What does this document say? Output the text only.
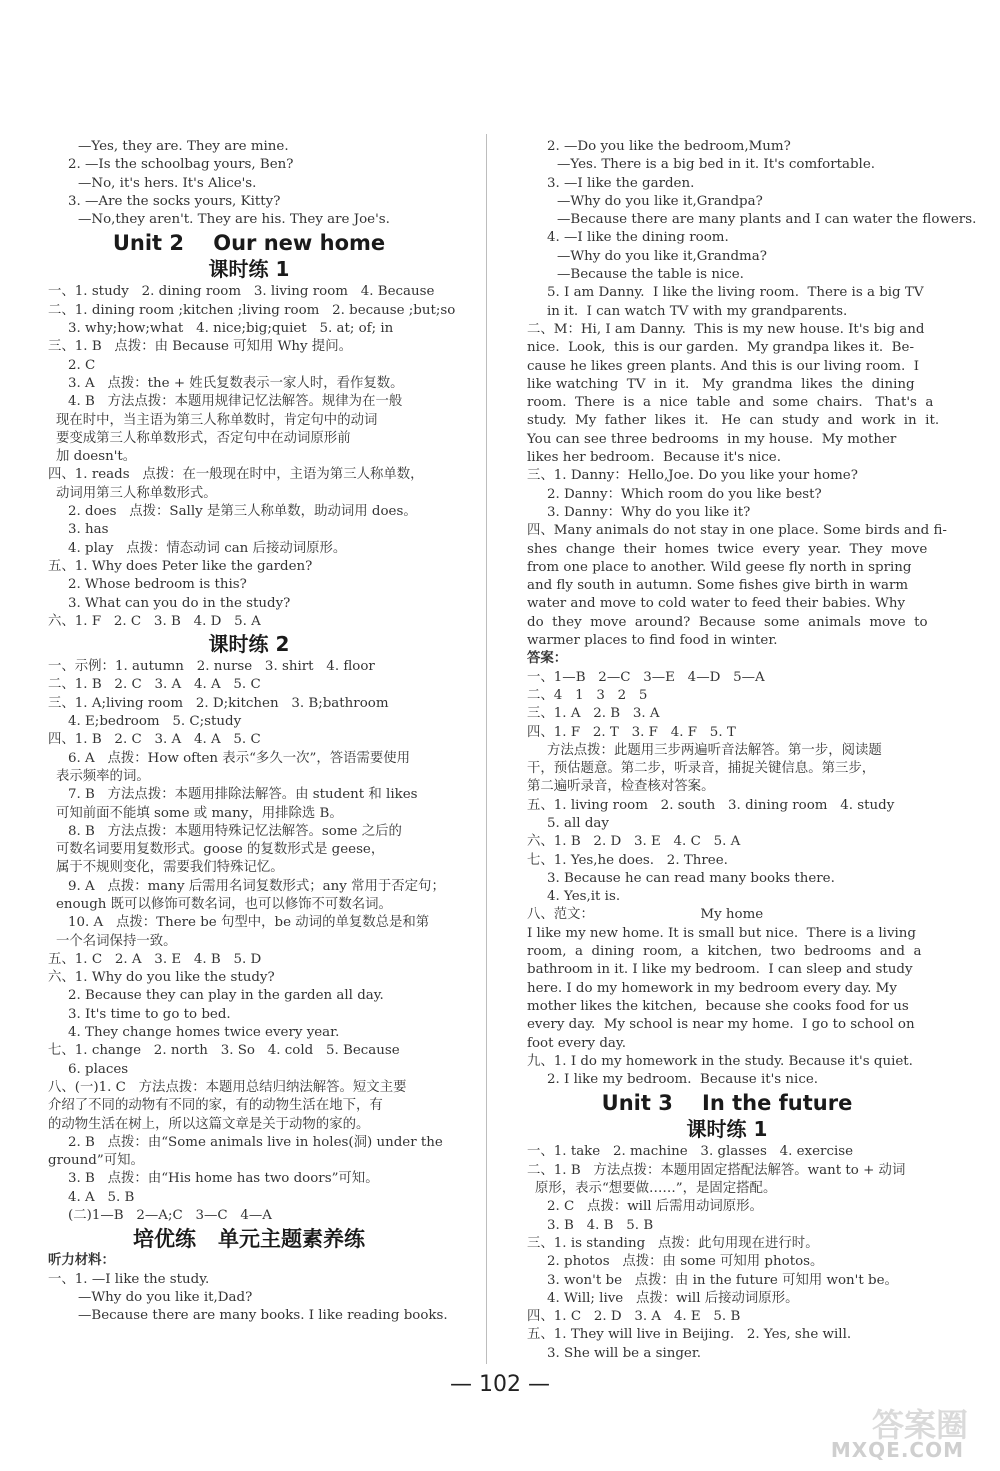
—Yes, they are. They are mine.
2. —Is the schoolbag yours, Ben?
—No, it's hers. It's Alice's.
3. —Are the socks yours, Kitty?
—No,they aren't. They are his. They are Joe's.
Unit 2    Our new home
课时练 1
一、1. study   2. dining room   3. living room   4. Because
二、1. dining room ;kitchen ;living room   2. because ;but;so
3. why;how;what   4. nice;big;quiet   5. at; of; in
三、1. B   点拨：由 Because 可知用 Why 提问。
2. C
3. A   点拨：the + 姓氏复数表示一家人时，看作复数。
4. B   方法点拨：本题用规律记忆法解答。规律为在一般
现在时中，当主语为第三人称单数时，肯定句中的动词
要变成第三人称单数形式，否定句中在动词原形前
加 doesn't。
四、1. reads   点拨：在一般现在时中，主语为第三人称单数，
动词用第三人称单数形式。
2. does   点拨：Sally 是第三人称单数，助动词用 does。
3. has
4. play   点拨：情态动词 can 后接动词原形。
五、1. Why does Peter like the garden?
2. Whose bedroom is this?
3. What can you do in the study?
六、1. F   2. C   3. B   4. D   5. A
课时练 2
一、示例：1. autumn   2. nurse   3. shirt   4. floor
二、1. B   2. C   3. A   4. A   5. C
三、1. A;living room   2. D;kitchen   3. B;bathroom
4. E;bedroom   5. C;study
四、1. B   2. C   3. A   4. A   5. C
6. A   点拨：How often 表示“多久一次”，答语需要使用
表示频率的词。
7. B   方法点拨：本题用排除法解答。由 student 和 likes
可知前面不能填 some 或 many，用排除选 B。
8. B   方法点拨：本题用特殊记忆法解答。some 之后的
可数名词要用复数形式。goose 的复数形式是 geese，
属于不规则变化，需要我们特殊记忆。
9. A   点拨：many 后需用名词复数形式；any 常用于否定句；
enough 既可以修饰可数名词，也可以修饰不可数名词。
10. A   点拨：There be 句型中，be 动词的单复数总是和第
一个名词保持一致。
五、1. C   2. A   3. E   4. B   5. D
六、1. Why do you like the study?
2. Because they can play in the garden all day.
3. It's time to go to bed.
4. They change homes twice every year.
七、1. change   2. north   3. So   4. cold   5. Because
6. places
八、(一)1. C   方法点拨：本题用总结归纳法解答。短文主要
介绍了不同的动物有不同的家，有的动物生活在地下，有
的动物生活在树上，所以这篇文章是关于动物的家的。
2. B   点拨：由“Some animals live in holes(洞) under the
ground”可知。
3. B   点拨：由“His home has two doors”可知。
4. A   5. B
(二)1—B   2—A;C   3—C   4—A
培优练   单元主题素养练
听力材料：
一、1. —I like the study.
—Why do you like it,Dad?
—Because there are many books. I like reading books.
2. —Do you like the bedroom,Mum?
—Yes. There is a big bed in it. It's comfortable.
3. —I like the garden.
—Why do you like it,Grandpa?
—Because there are many plants and I can water the flowers.
4. —I like the dining room.
—Why do you like it,Grandma?
—Because the table is nice.
5. I am Danny.  I like the living room.  There is a big TV
in it.  I can watch TV with my grandparents.
二、M：Hi, I am Danny.  This is my new house. It's big and
nice.  Look,  this is our garden.  My grandpa likes it.  Be-
cause he likes green plants. And this is our living room.  I
like watching  TV  in  it.   My  grandma  likes  the  dining
room.  There  is  a  nice  table  and  some  chairs.   That's  a
study.  My  father  likes  it.   He  can  study  and  work  in  it.
You can see three bedrooms  in my house.  My mother
likes her bedroom.  Because it's nice.
三、1. Danny：Hello,Joe. Do you like your home?
2. Danny：Which room do you like best?
3. Danny：Why do you like it?
四、Many animals do not stay in one place. Some birds and fi-
shes  change  their  homes  twice  every  year.  They  move
from one place to another. Wild geese fly north in spring
and fly south in autumn. Some fishes give birth in warm
water and move to cold water to feed their babies. Why
do  they  move  around?  Because  some  animals  move  to
warmer places to find food in winter.
答案：
一、1—B   2—C   3—E   4—D   5—A
二、4   1   3   2   5
三、1. A   2. B   3. A
四、1. F   2. T   3. F   4. F   5. T
方法点拨：此题用三步两遍听音法解答。第一步，阅读题
干，预估题意。第二步，听录音，捕捉关键信息。第三步，
第二遍听录音，检查核对答案。
五、1. living room   2. south   3. dining room   4. study
5. all day
六、1. B   2. D   3. E   4. C   5. A
七、1. Yes,he does.   2. Three.
3. Because he can read many books there.
4. Yes,it is.
八、范文：                         My home
I like my new home. It is small but nice.  There is a living
room,  a  dining  room,  a  kitchen,  two  bedrooms  and  a
bathroom in it. I like my bedroom.  I can sleep and study
here. I do my homework in my bedroom every day. My
mother likes the kitchen,  because she cooks food for us
every day.  My school is near my home.  I go to school on
foot every day.
九、1. I do my homework in the study. Because it's quiet.
2. I like my bedroom.  Because it's nice.
Unit 3    In the future
课时练 1
一、1. take   2. machine   3. glasses   4. exercise
二、1. B   方法点拨：本题用固定搭配法解答。want to + 动词
原形，表示“想要做……”，是固定搭配。
2. C   点拨：will 后需用动词原形。
3. B   4. B   5. B
三、1. is standing   点拨：此句用现在进行时。
2. photos   点拨：由 some 可知用 photos。
3. won't be   点拨：由 in the future 可知用 won't be。
4. Will; live   点拨：will 后接动词原形。
四、1. C   2. D   3. A   4. E   5. B
五、1. They will live in Beijing.   2. Yes, she will.
3. She will be a singer.
— 102 —
答案圈
MXQE.COM
